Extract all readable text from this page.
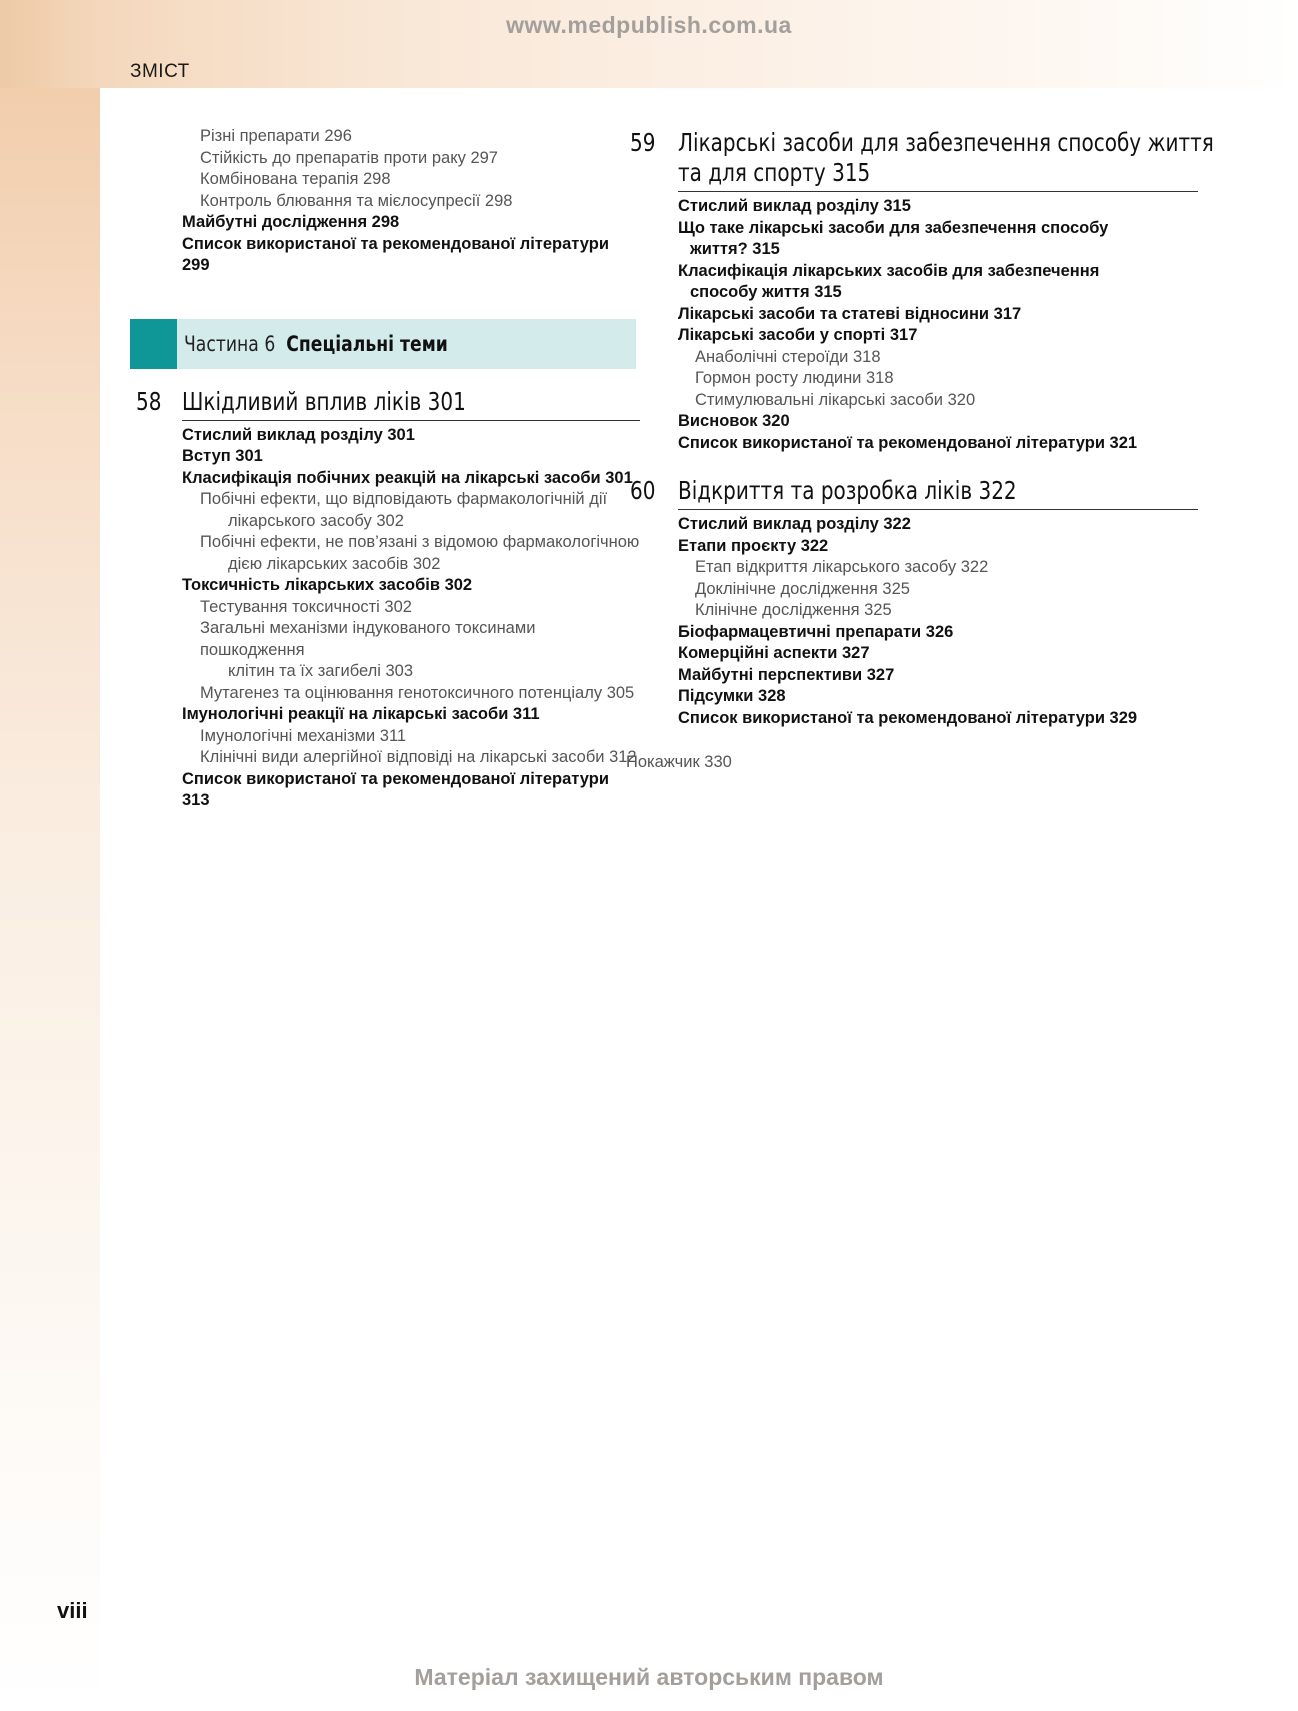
www.medpublish.com.ua
ЗМІСТ
Різні препарати 296
Стійкість до препаратів проти раку 297
Комбінована терапія 298
Контроль блювання та мієлосупресії 298
Майбутні дослідження 298
Список використаної та рекомендованої літератури 299
Частина 6 Спеціальні теми
58 Шкідливий вплив ліків 301
Стислий виклад розділу 301
Вступ 301
Класифікація побічних реакцій на лікарські засоби 301
Побічні ефекти, що відповідають фармакологічній дії
лікарського засобу 302
Побічні ефекти, не пов’язані з відомою фармакологічною
дією лікарських засобів 302
Токсичність лікарських засобів 302
Тестування токсичності 302
Загальні механізми індукованого токсинами пошкодження
клітин та їх загибелі 303
Мутагенез та оцінювання генотоксичного потенціалу 305
Імунологічні реакції на лікарські засоби 311
Імунологічні механізми 311
Клінічні види алергійної відповіді на лікарські засоби 312
Список використаної та рекомендованої літератури 313
59 Лікарські засоби для забезпечення способу життя
та для спорту 315
Стислий виклад розділу 315
Що таке лікарські засоби для забезпечення способу
життя? 315
Класифікація лікарських засобів для забезпечення
способу життя 315
Лікарські засоби та статеві відносини 317
Лікарські засоби у спорті 317
Анаболічні стероїди 318
Гормон росту людини 318
Стимулювальні лікарські засоби 320
Висновок 320
Список використаної та рекомендованої літератури 321
60 Відкриття та розробка ліків 322
Стислий виклад розділу 322
Етапи проєкту 322
Етап відкриття лікарського засобу 322
Доклінічне дослідження 325
Клінічне дослідження 325
Біофармацевтичні препарати 326
Комерційні аспекти 327
Майбутні перспективи 327
Підсумки 328
Список використаної та рекомендованої літератури 329
Покажчик 330
viii
Матеріал захищений авторським правом
